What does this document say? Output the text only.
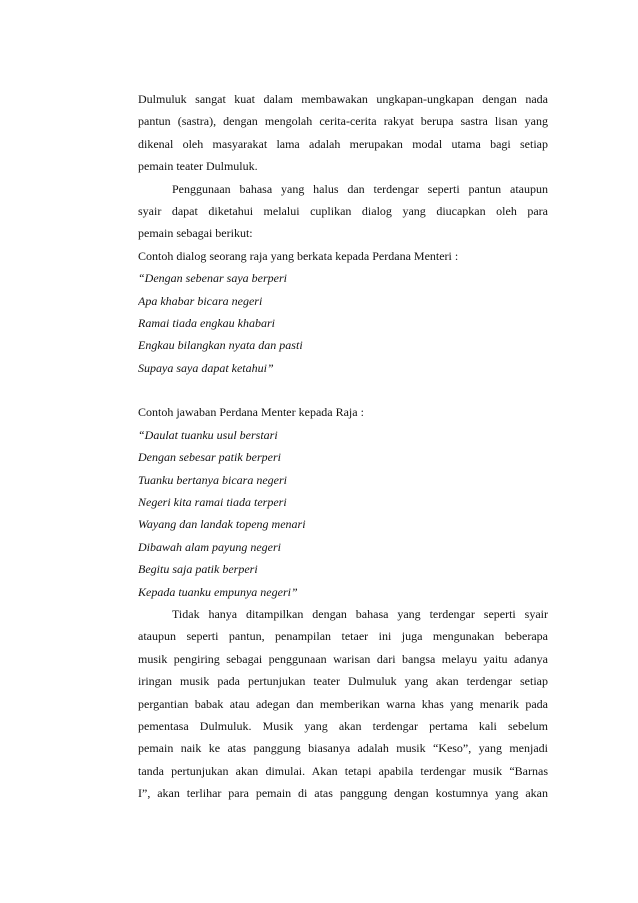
Dulmuluk sangat kuat dalam membawakan ungkapan-ungkapan dengan nada
pantun (sastra), dengan mengolah cerita-cerita rakyat berupa sastra lisan yang
dikenal oleh masyarakat lama adalah merupakan modal utama bagi setiap
pemain teater Dulmuluk.
Penggunaan bahasa yang halus dan terdengar seperti pantun ataupun
syair dapat diketahui melalui cuplikan dialog yang diucapkan oleh para
pemain sebagai berikut:
Contoh dialog seorang raja yang berkata kepada Perdana Menteri :
“Dengan sebenar saya berperi
Apa khabar bicara negeri
Ramai tiada engkau khabari
Engkau bilangkan nyata dan pasti
Supaya saya dapat ketahui”
Contoh jawaban Perdana Menter kepada Raja :
“Daulat tuanku usul berstari
Dengan sebesar patik berperi
Tuanku bertanya bicara negeri
Negeri kita ramai tiada terperi
Wayang dan landak topeng menari
Dibawah alam payung negeri
Begitu saja patik berperi
Kepada tuanku empunya negeri”
Tidak hanya ditampilkan dengan bahasa yang terdengar seperti syair
ataupun seperti pantun, penampilan tetaer ini juga mengunakan beberapa
musik pengiring sebagai penggunaan warisan dari bangsa melayu yaitu adanya
iringan musik pada pertunjukan teater Dulmuluk yang akan terdengar setiap
pergantian babak atau adegan dan memberikan warna khas yang menarik pada
pementasa Dulmuluk. Musik yang akan terdengar pertama kali sebelum
pemain naik ke atas panggung biasanya adalah musik “Keso”, yang menjadi
tanda pertunjukan akan dimulai. Akan tetapi apabila terdengar musik “Barnas
I”, akan terlihar para pemain di atas panggung dengan kostumnya yang akan
